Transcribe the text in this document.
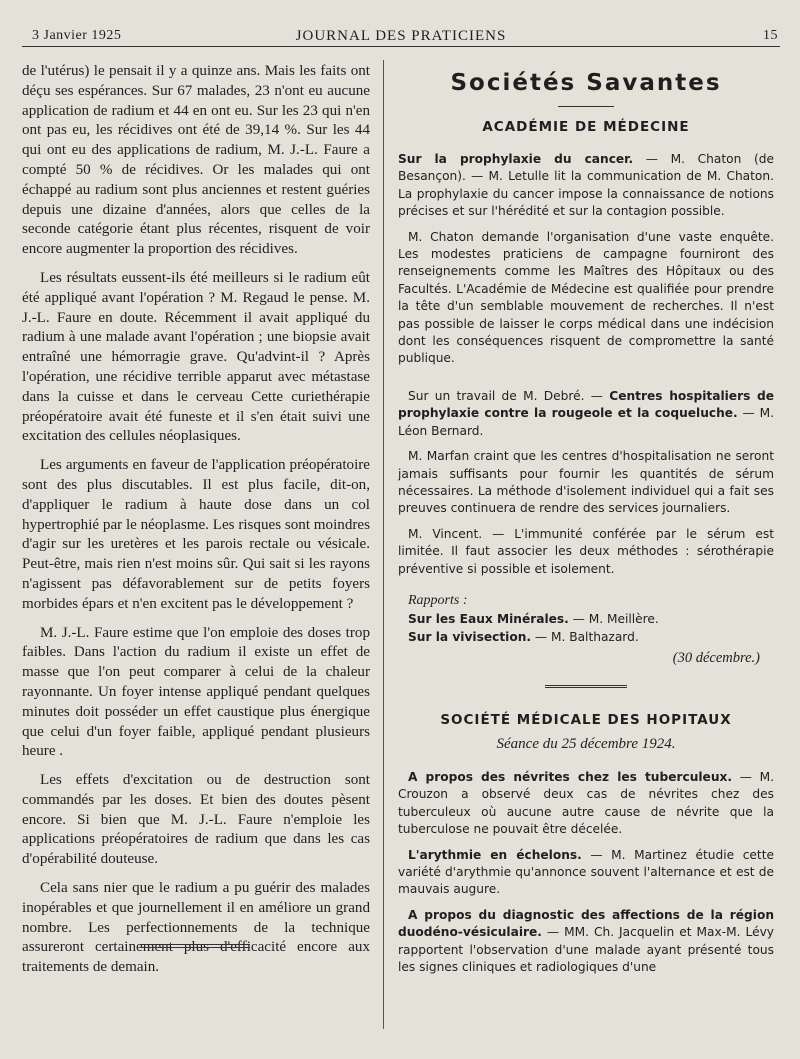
3 Janvier 1925	JOURNAL DES PRATICIENS	15

de l'utérus) le pensait il y a quinze ans. Mais les faits ont déçu ses espérances. Sur 67 malades, 23 n'ont eu aucune application de radium et 44 en ont eu. Sur les 23 qui n'en ont pas eu, les récidives ont été de 39,14 %. Sur les 44 qui ont eu des applications de radium, M. J.-L. Faure a compté 50 % de récidives. Or les malades qui ont échappé au radium sont plus anciennes et restent guéries depuis une dizaine d'années, alors que celles de la seconde catégorie étant plus récentes, risquent de voir encore augmenter la proportion des récidives.

Les résultats eussent-ils été meilleurs si le radium eût été appliqué avant l'opération ? M. Regaud le pense. M. J.-L. Faure en doute. Récemment il avait appliqué du radium à une malade avant l'opération ; une biopsie avait entraîné une hémorragie grave. Qu'advint-il ? Après l'opération, une récidive terrible apparut avec métastase dans la cuisse et dans le cerveau Cette curiethérapie préopératoire avait été funeste et il s'en était suivi une excitation des cellules néoplasiques.

Les arguments en faveur de l'application préopératoire sont des plus discutables. Il est plus facile, dit-on, d'appliquer le radium à haute dose dans un col hypertrophié par le néoplasme. Les risques sont moindres d'agir sur les uretères et les parois rectale ou vésicale. Peut-être, mais rien n'est moins sûr. Qui sait si les rayons n'agissent pas défavorablement sur de petits foyers morbides épars et n'en excitent pas le développement ?

M. J.-L. Faure estime que l'on emploie des doses trop faibles. Dans l'action du radium il existe un effet de masse que l'on peut comparer à celui de la chaleur rayonnante. Un foyer intense appliqué pendant quelques minutes doit posséder un effet caustique plus énergique que celui d'un foyer faible, appliqué pendant plusieurs heure .

Les effets d'excitation ou de destruction sont commandés par les doses. Et bien des doutes pèsent encore. Si bien que M. J.-L. Faure n'emploie les applications préopératoires de radium que dans les cas d'opérabilité douteuse.

Cela sans nier que le radium a pu guérir des malades inopérables et que journellement il en améliore un grand nombre. Les perfectionnements de la technique assureront certainement plus d'efficacité encore aux traitements de demain.

Sociétés Savantes
ACADÉMIE DE MÉDECINE

Sur la prophylaxie du cancer. — M. Chaton (de Besançon). — M. Letulle lit la communication de M. Chaton. La prophylaxie du cancer impose la connaissance de notions précises et sur l'hérédité et sur la contagion possible.

M. Chaton demande l'organisation d'une vaste enquête. Les modestes praticiens de campagne fourniront des renseignements comme les Maîtres des Hôpitaux ou des Facultés. L'Académie de Médecine est qualifiée pour prendre la tête d'un semblable mouvement de recherches. Il n'est pas possible de laisser le corps médical dans une indécision dont les conséquences risquent de compromettre la santé publique.

Sur un travail de M. Debré. — Centres hospitaliers de prophylaxie contre la rougeole et la coqueluche. — M. Léon Bernard.

M. Marfan craint que les centres d'hospitalisation ne seront jamais suffisants pour fournir les quantités de sérum nécessaires. La méthode d'isolement individuel qui a fait ses preuves continuera de rendre des services journaliers.

M. Vincent. — L'immunité conférée par le sérum est limitée. Il faut associer les deux méthodes : sérothérapie préventive si possible et isolement.

Rapports :
Sur les Eaux Minérales. — M. Meillère.
Sur la vivisection. — M. Balthazard.
(30 décembre.)
SOCIÉTÉ MÉDICALE DES HOPITAUX
Séance du 25 décembre 1924.

A propos des névrites chez les tuberculeux. — M. Crouzon a observé deux cas de névrites chez des tuberculeux où aucune autre cause de névrite que la tuberculose ne pouvait être décelée.

L'arythmie en échelons. — M. Martinez étudie cette variété d'arythmie qu'annonce souvent l'alternance et est de mauvais augure.

A propos du diagnostic des affections de la région duodéno-vésiculaire. — MM. Ch. Jacquelin et Max-M. Lévy rapportent l'observation d'une malade ayant présenté tous les signes cliniques et radiologiques d'une
